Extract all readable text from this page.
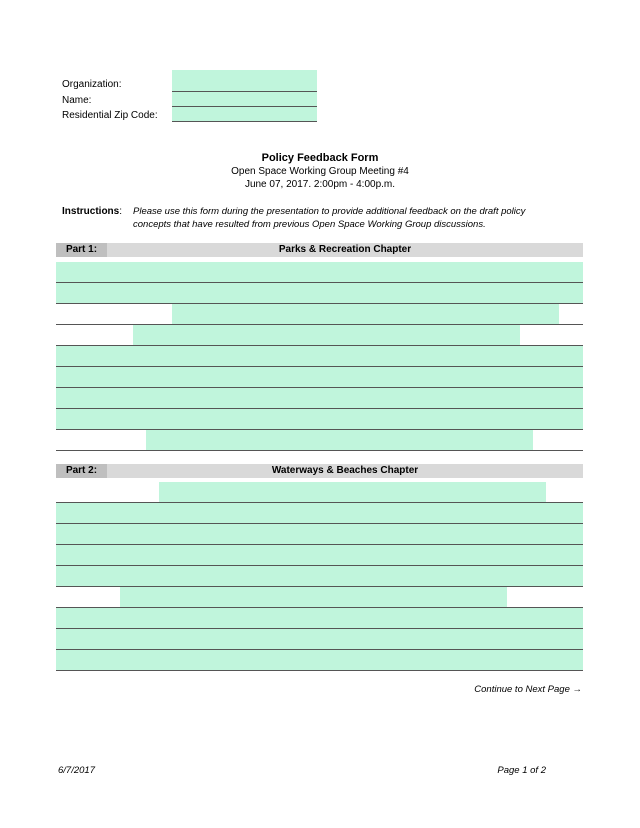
Organization:
Name:
Residential Zip Code:
Policy Feedback Form
Open Space Working Group Meeting #4
June 07, 2017. 2:00pm - 4:00p.m.
Instructions: Please use this form during the presentation to provide additional feedback on the draft policy concepts that have resulted from previous Open Space Working Group discussions.
Part 1:	Parks & Recreation Chapter
Part 2:	Waterways & Beaches Chapter
Continue to Next Page →
6/7/2017	Page 1 of 2
